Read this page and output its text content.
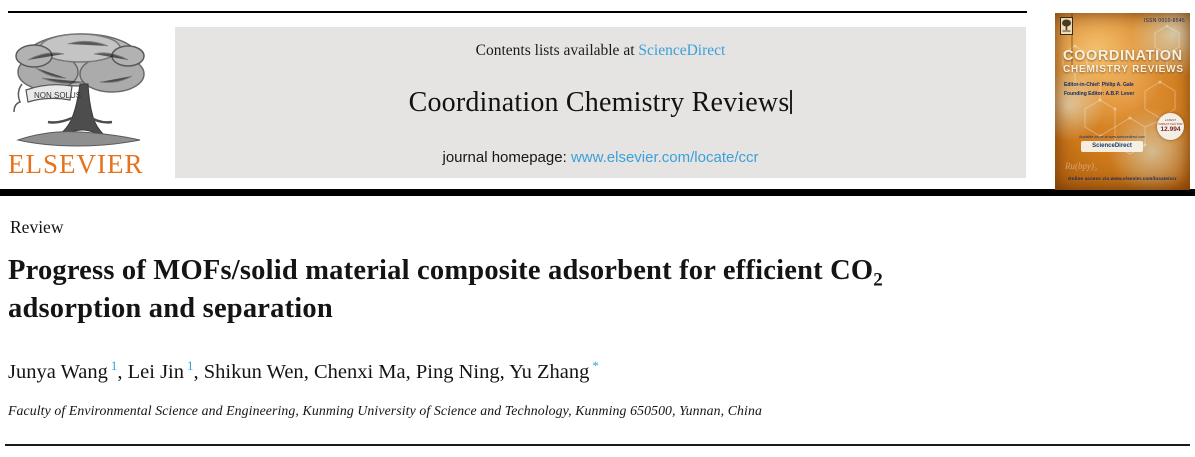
NON SOLUS
ELSEVIER
Contents lists available at ScienceDirect
Coordination Chemistry Reviews
journal homepage: www.elsevier.com/locate/ccr
ISSN 0010-8545
COORDINATION
CHEMISTRY REVIEWS
Editor-in-Chief: Philip A. Gale
Founding Editor: A.B.P. Lever
LATEST
IMPACT FACTOR
12.994
Available online at www.sciencedirect.com
ScienceDirect
Ru(bpy)₂
Online access via www.elsevier.com/locate/ccr
Review
Progress of MOFs/solid material composite adsorbent for efficient $CO_2$
adsorption and separation
Junya Wang $^1$, Lei Jin $^1$, Shikun Wen, Chenxi Ma, Ping Ning, Yu Zhang *
Faculty of Environmental Science and Engineering, Kunming University of Science and Technology, Kunming 650500, Yunnan, China
